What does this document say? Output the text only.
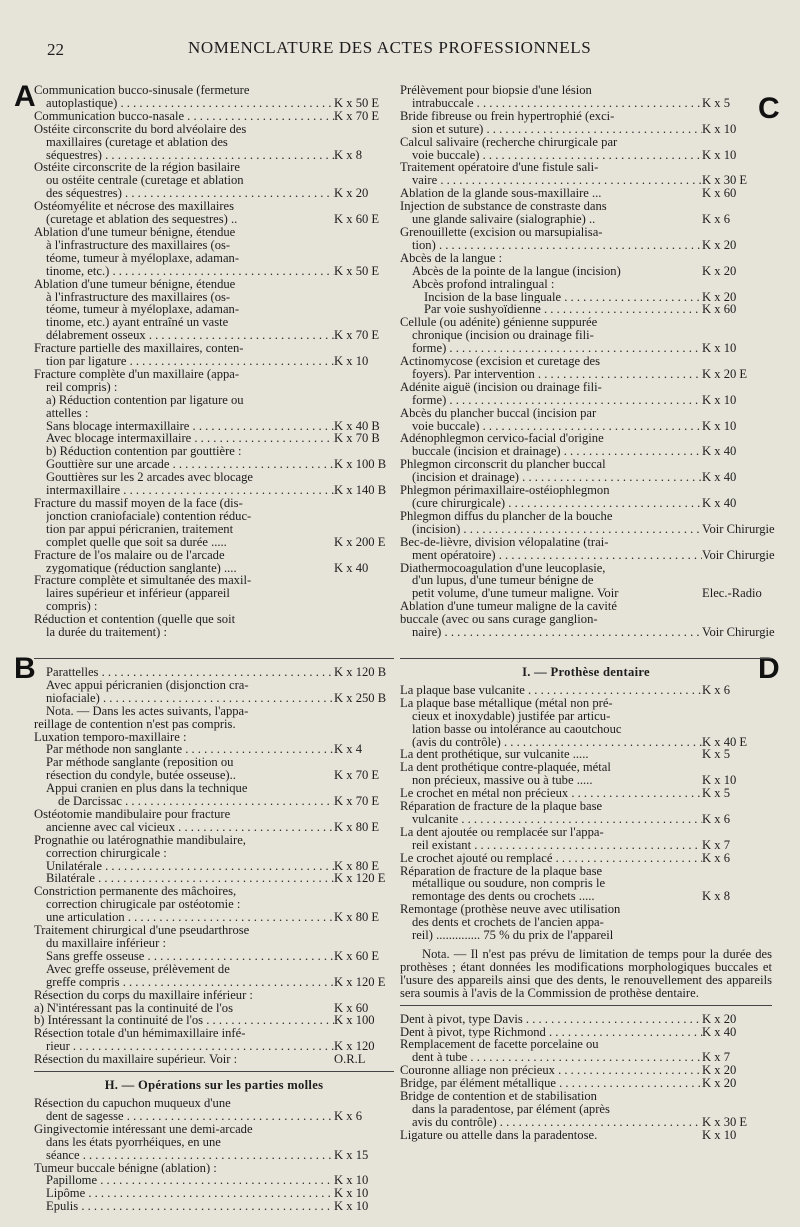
22	NOMENCLATURE DES ACTES PROFESSIONNELS
A
B
C
D
Communication bucco-sinusale (fermeture
autoplastique) . . .	K x 50 E
Communication bucco-nasale . . .	K x 70 E
Ostéite circonscrite du bord alvéolaire des
maxillaires (curetage et ablation des
séquestres) . . .	K x 8
Ostéite circonscrite de la région basilaire
ou ostéite centrale (curetage et ablation
des séquestres) . . .	K x 20
Ostéomyélite et nécrose des maxillaires
(curetage et ablation des sequestres) ..	K x 60 E
Ablation d'une tumeur bénigne, étendue
à l'infrastructure des maxillaires (os-
téome, tumeur à myéloplaxe, adaman-
tinome, etc.) . . .	K x 50 E
Ablation d'une tumeur bénigne, étendue
à l'infrastructure des maxillaires (os-
téome, tumeur à myéloplaxe, adaman-
tinome, etc.) ayant entraîné un vaste
délabrement osseux . . .	K x 70 E
Fracture partielle des maxillaires, conten-
tion par ligature . . .	K x 10
Fracture complète d'un maxillaire (appa-
reil compris) :
a) Réduction contention par ligature ou
attelles :
Sans blocage intermaxillaire . . .	K x 40 B
Avec blocage intermaxillaire . . .	K x 70 B
b) Réduction contention par gouttière :
Gouttière sur une arcade . . .	K x 100 B
Gouttières sur les 2 arcades avec blocage
intermaxillaire . . .	K x 140 B
Fracture du massif moyen de la face (dis-
jonction craniofaciale) contention réduc-
tion par appui péricranien, traitement
complet quelle que soit sa durée .....	K x 200 E
Fracture de l'os malaire ou de l'arcade
zygomatique (réduction sanglante) ....	K x 40
Fracture complète et simultanée des maxil-
laires supérieur et inférieur (appareil
compris) :
Réduction et contention (quelle que soit
la durée du traitement) :
Parattelles . . .	K x 120 B
Avec appui péricranien (disjonction cra-
niofaciale) . . .	K x 250 B
Nota. — Dans les actes suivants, l'appa-
reillage de contention n'est pas compris.
Luxation temporo-maxillaire :
Par méthode non sanglante . . .	K x 4
Par méthode sanglante (reposition ou
résection du condyle, butée osseuse)..	K x 70 E
Appui cranien en plus dans la technique
de Darcissac . . .	K x 70 E
Ostéotomie mandibulaire pour fracture
ancienne avec cal vicieux . . .	K x 80 E
Prognathie ou latérognathie mandibulaire,
correction chirurgicale :
Unilatérale . . .	K x 80 E
Bilatérale . . .	K x 120 E
Constriction permanente des mâchoires,
correction chirugicale par ostéotomie :
une articulation . . .	K x 80 E
Traitement chirurgical d'une pseudarthrose
du maxillaire inférieur :
Sans greffe osseuse . . .	K x 60 E
Avec greffe osseuse, prélèvement de
greffe compris . . .	K x 120 E
Résection du corps du maxillaire inférieur :
a) N'intéressant pas la continuité de l'os	K x 60
b) Intéressant la continuité de l'os . . .	K x 100
Résection totale d'un hémimaxillaire infé-
rieur . . .	K x 120
Résection du maxillaire supérieur. Voir :	O.R.L
H. — Opérations sur les parties molles
Résection du capuchon muqueux d'une
dent de sagesse . . .	K x 6
Gingivectomie intéressant une demi-arcade
dans les états pyorrhéiques, en une
séance . . .	K x 15
Tumeur buccale bénigne (ablation) :
Papillome . . .	K x 10
Lipôme . . .	K x 10
Epulis . . .	K x 10
Prélèvement pour biopsie d'une lésion
intrabuccale . . .	K x 5
Bride fibreuse ou frein hypertrophié (exci-
sion et suture) . . .	K x 10
Calcul salivaire (recherche chirurgicale par
voie buccale) . . .	K x 10
Traitement opératoire d'une fistule sali-
vaire . . .	K x 30 E
Ablation de la glande sous-maxillaire ...	K x 60
Injection de substance de constraste dans
une glande salivaire (sialographie) ..	K x 6
Grenouillette (excision ou marsupialisa-
tion) . . .	K x 20
Abcès de la langue :
Abcès de la pointe de la langue (incision)	K x 20
Abcès profond intralingual :
Incision de la base linguale . . .	K x 20
Par voie sushyoïdienne . . .	K x 60
Cellule (ou adénite) génienne suppurée
chronique (incision ou drainage fili-
forme) . . .	K x 10
Actinomycose (excision et curetage des
foyers). Par intervention . . .	K x 20 E
Adénite aiguë (incision ou drainage fili-
forme) . . .	K x 10
Abcès du plancher buccal (incision par
voie buccale) . . .	K x 10
Adénophlegmon cervico-facial d'origine
buccale (incision et drainage) . . .	K x 40
Phlegmon circonscrit du plancher buccal
(incision et drainage) . . .	K x 40
Phlegmon périmaxillaire-ostéiophlegmon
(cure chirurgicale) . . .	K x 40
Phlegmon diffus du plancher de la bouche
(incision) . . .	Voir Chirurgie
Bec-de-lièvre, division vélopalatine (trai-
ment opératoire) . . .	Voir Chirurgie
Diathermocoagulation d'une leucoplasie,
d'un lupus, d'une tumeur bénigne de
petit volume, d'une tumeur maligne. Voir	Elec.-Radio
Ablation d'une tumeur maligne de la cavité
buccale (avec ou sans curage ganglion-
naire) . . .	Voir Chirurgie
I. — Prothèse dentaire
La plaque base vulcanite . . .	K x 6
La plaque base métallique (métal non pré-
cieux et inoxydable) justifée par articu-
lation basse ou intolérance au caoutchouc
(avis du contrôle) . . .	K x 40 E
La dent prothétique, sur vulcanite .....	K x 5
La dent prothétique contre-plaquée, métal
non précieux, massive ou à tube .....	K x 10
Le crochet en métal non précieux . . .	K x 5
Réparation de fracture de la plaque base
vulcanite . . .	K x 6
La dent ajoutée ou remplacée sur l'appa-
reil existant . . .	K x 7
Le crochet ajouté ou remplacé . . .	K x 6
Réparation de fracture de la plaque base
métallique ou soudure, non compris le
remontage des dents ou crochets .....	K x 8
Remontage (prothèse neuve avec utilisation
des dents et crochets de l'ancien appa-
reil) .............. 75 % du prix de l'appareil
Nota. — Il n'est pas prévu de limitation de temps pour la durée des prothèses ; étant données les modifications morphologiques buccales et l'usure des appareils ainsi que des dents, le renouvellement des appareils sera soumis à l'avis de la Commission de prothèse dentaire.
Dent à pivot, type Davis . . .	K x 20
Dent à pivot, type Richmond . . .	K x 40
Remplacement de facette porcelaine ou
dent à tube . . .	K x 7
Couronne alliage non précieux . . .	K x 20
Bridge, par élément métallique . . .	K x 20
Bridge de contention et de stabilisation
dans la paradentose, par élément (après
avis du contrôle) . . .	K x 30 E
Ligature ou attelle dans la paradentose.	K x 10
